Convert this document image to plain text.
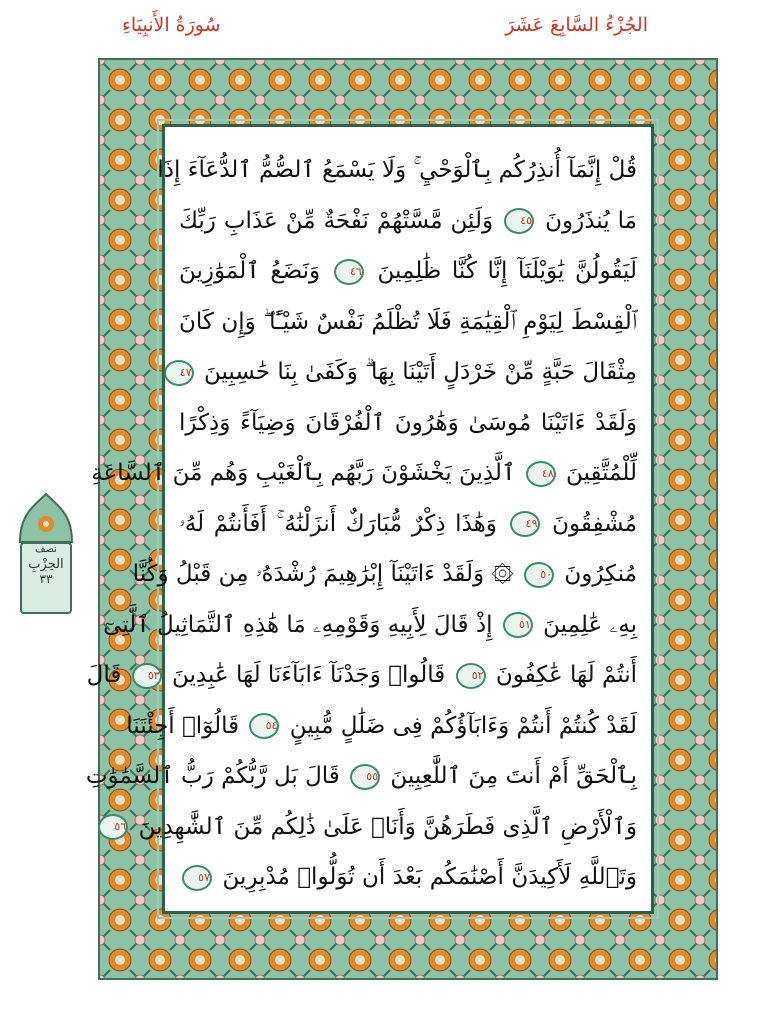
سُورَةُ الأَنبِيَاءِ	الجُزْءُ السَّابِعَ عَشَرَ
قُلْ إِنَّمَآ أُنذِرُكُم بِٱلْوَحْيِ ۚ وَلَا يَسْمَعُ ٱلصُّمُّ ٱلدُّعَآءَ إِذَا
مَا يُنذَرُونَ ٤٥ وَلَئِن مَّسَّتْهُمْ نَفْحَةٌ مِّنْ عَذَابِ رَبِّكَ
لَيَقُولُنَّ يَٰوَيْلَنَآ إِنَّا كُنَّا ظَٰلِمِينَ ٤٦ وَنَضَعُ ٱلْمَوَٰزِينَ
ٱلْقِسْطَ لِيَوْمِ ٱلْقِيَٰمَةِ فَلَا تُظْلَمُ نَفْسٌ شَيْـًٔا ۖ وَإِن كَانَ
مِثْقَالَ حَبَّةٍ مِّنْ خَرْدَلٍ أَتَيْنَا بِهَا ۗ وَكَفَىٰ بِنَا حَٰسِبِينَ ٤٧
وَلَقَدْ ءَاتَيْنَا مُوسَىٰ وَهَٰرُونَ ٱلْفُرْقَانَ وَضِيَآءً وَذِكْرًا
لِّلْمُتَّقِينَ ٤٨ ٱلَّذِينَ يَخْشَوْنَ رَبَّهُم بِٱلْغَيْبِ وَهُم مِّنَ ٱلسَّاعَةِ
مُشْفِقُونَ ٤٩ وَهَٰذَا ذِكْرٌ مُّبَارَكٌ أَنزَلْنَٰهُ ۚ أَفَأَنتُمْ لَهُۥ
مُنكِرُونَ ٥٠ ۞ وَلَقَدْ ءَاتَيْنَآ إِبْرَٰهِيمَ رُشْدَهُۥ مِن قَبْلُ وَكُنَّا
بِهِۦ عَٰلِمِينَ ٥١ إِذْ قَالَ لِأَبِيهِ وَقَوْمِهِۦ مَا هَٰذِهِ ٱلتَّمَاثِيلُ ٱلَّتِىٓ
أَنتُمْ لَهَا عَٰكِفُونَ ٥٢ قَالُوا۟ وَجَدْنَآ ءَابَآءَنَا لَهَا عَٰبِدِينَ ٥٣ قَالَ
لَقَدْ كُنتُمْ أَنتُمْ وَءَابَآؤُكُمْ فِى ضَلَٰلٍ مُّبِينٍ ٥٤ قَالُوٓا۟ أَجِئْتَنَا
بِٱلْحَقِّ أَمْ أَنتَ مِنَ ٱللَّٰعِبِينَ ٥٥ قَالَ بَل رَّبُّكُمْ رَبُّ ٱلسَّمَٰوَٰتِ
وَٱلْأَرْضِ ٱلَّذِى فَطَرَهُنَّ وَأَنَا۠ عَلَىٰ ذَٰلِكُم مِّنَ ٱلشَّٰهِدِينَ ٥٦
وَتَٱللَّهِ لَأَكِيدَنَّ أَصْنَٰمَكُم بَعْدَ أَن تُوَلُّوا۟ مُدْبِرِينَ ٥٧
نصف
الحِزْبِ
٣٣
